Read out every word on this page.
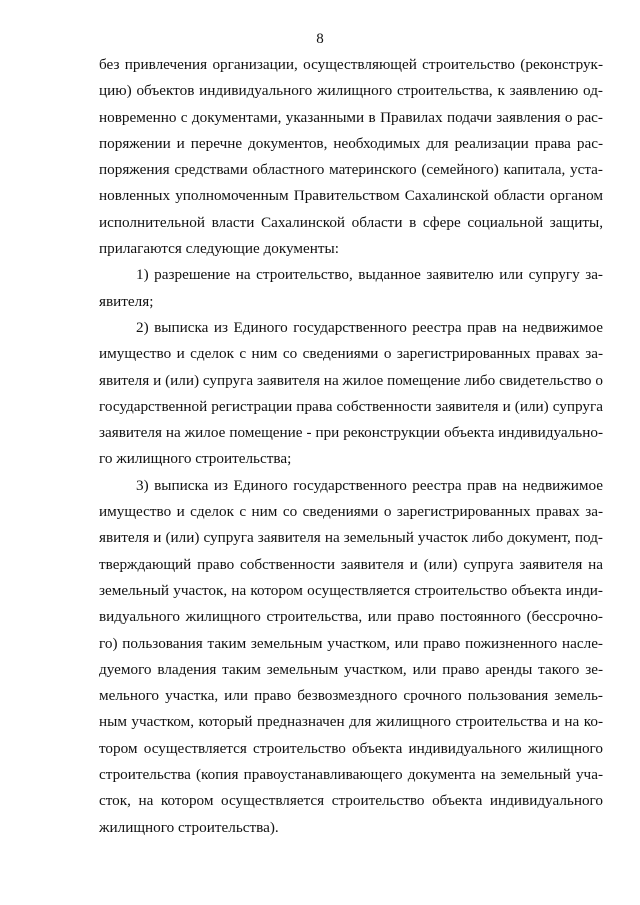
8
без привлечения организации, осуществляющей строительство (реконструк-
цию) объектов индивидуального жилищного строительства, к заявлению од-
новременно с документами, указанными в Правилах подачи заявления о рас-
поряжении и перечне документов, необходимых для реализации права рас-
поряжения средствами областного материнского (семейного) капитала, уста-
новленных уполномоченным Правительством Сахалинской области органом
исполнительной власти Сахалинской области в сфере социальной защиты,
прилагаются следующие документы:
1) разрешение на строительство, выданное заявителю или супругу за-
явителя;
2) выписка из Единого государственного реестра прав на недвижимое
имущество и сделок с ним со сведениями о зарегистрированных правах за-
явителя и (или) супруга заявителя на жилое помещение либо свидетельство о
государственной регистрации права собственности заявителя и (или) супруга
заявителя на жилое помещение - при реконструкции объекта индивидуально-
го жилищного строительства;
3) выписка из Единого государственного реестра прав на недвижимое
имущество и сделок с ним со сведениями о зарегистрированных правах за-
явителя и (или) супруга заявителя на земельный участок либо документ, под-
тверждающий право собственности заявителя и (или) супруга заявителя на
земельный участок, на котором осуществляется строительство объекта инди-
видуального жилищного строительства, или право постоянного (бессрочно-
го) пользования таким земельным участком, или право пожизненного насле-
дуемого владения таким земельным участком, или право аренды такого зе-
мельного участка, или право безвозмездного срочного пользования земель-
ным участком, который предназначен для жилищного строительства и на ко-
тором осуществляется строительство объекта индивидуального жилищного
строительства (копия правоустанавливающего документа на земельный уча-
сток, на котором осуществляется строительство объекта индивидуального
жилищного строительства).
